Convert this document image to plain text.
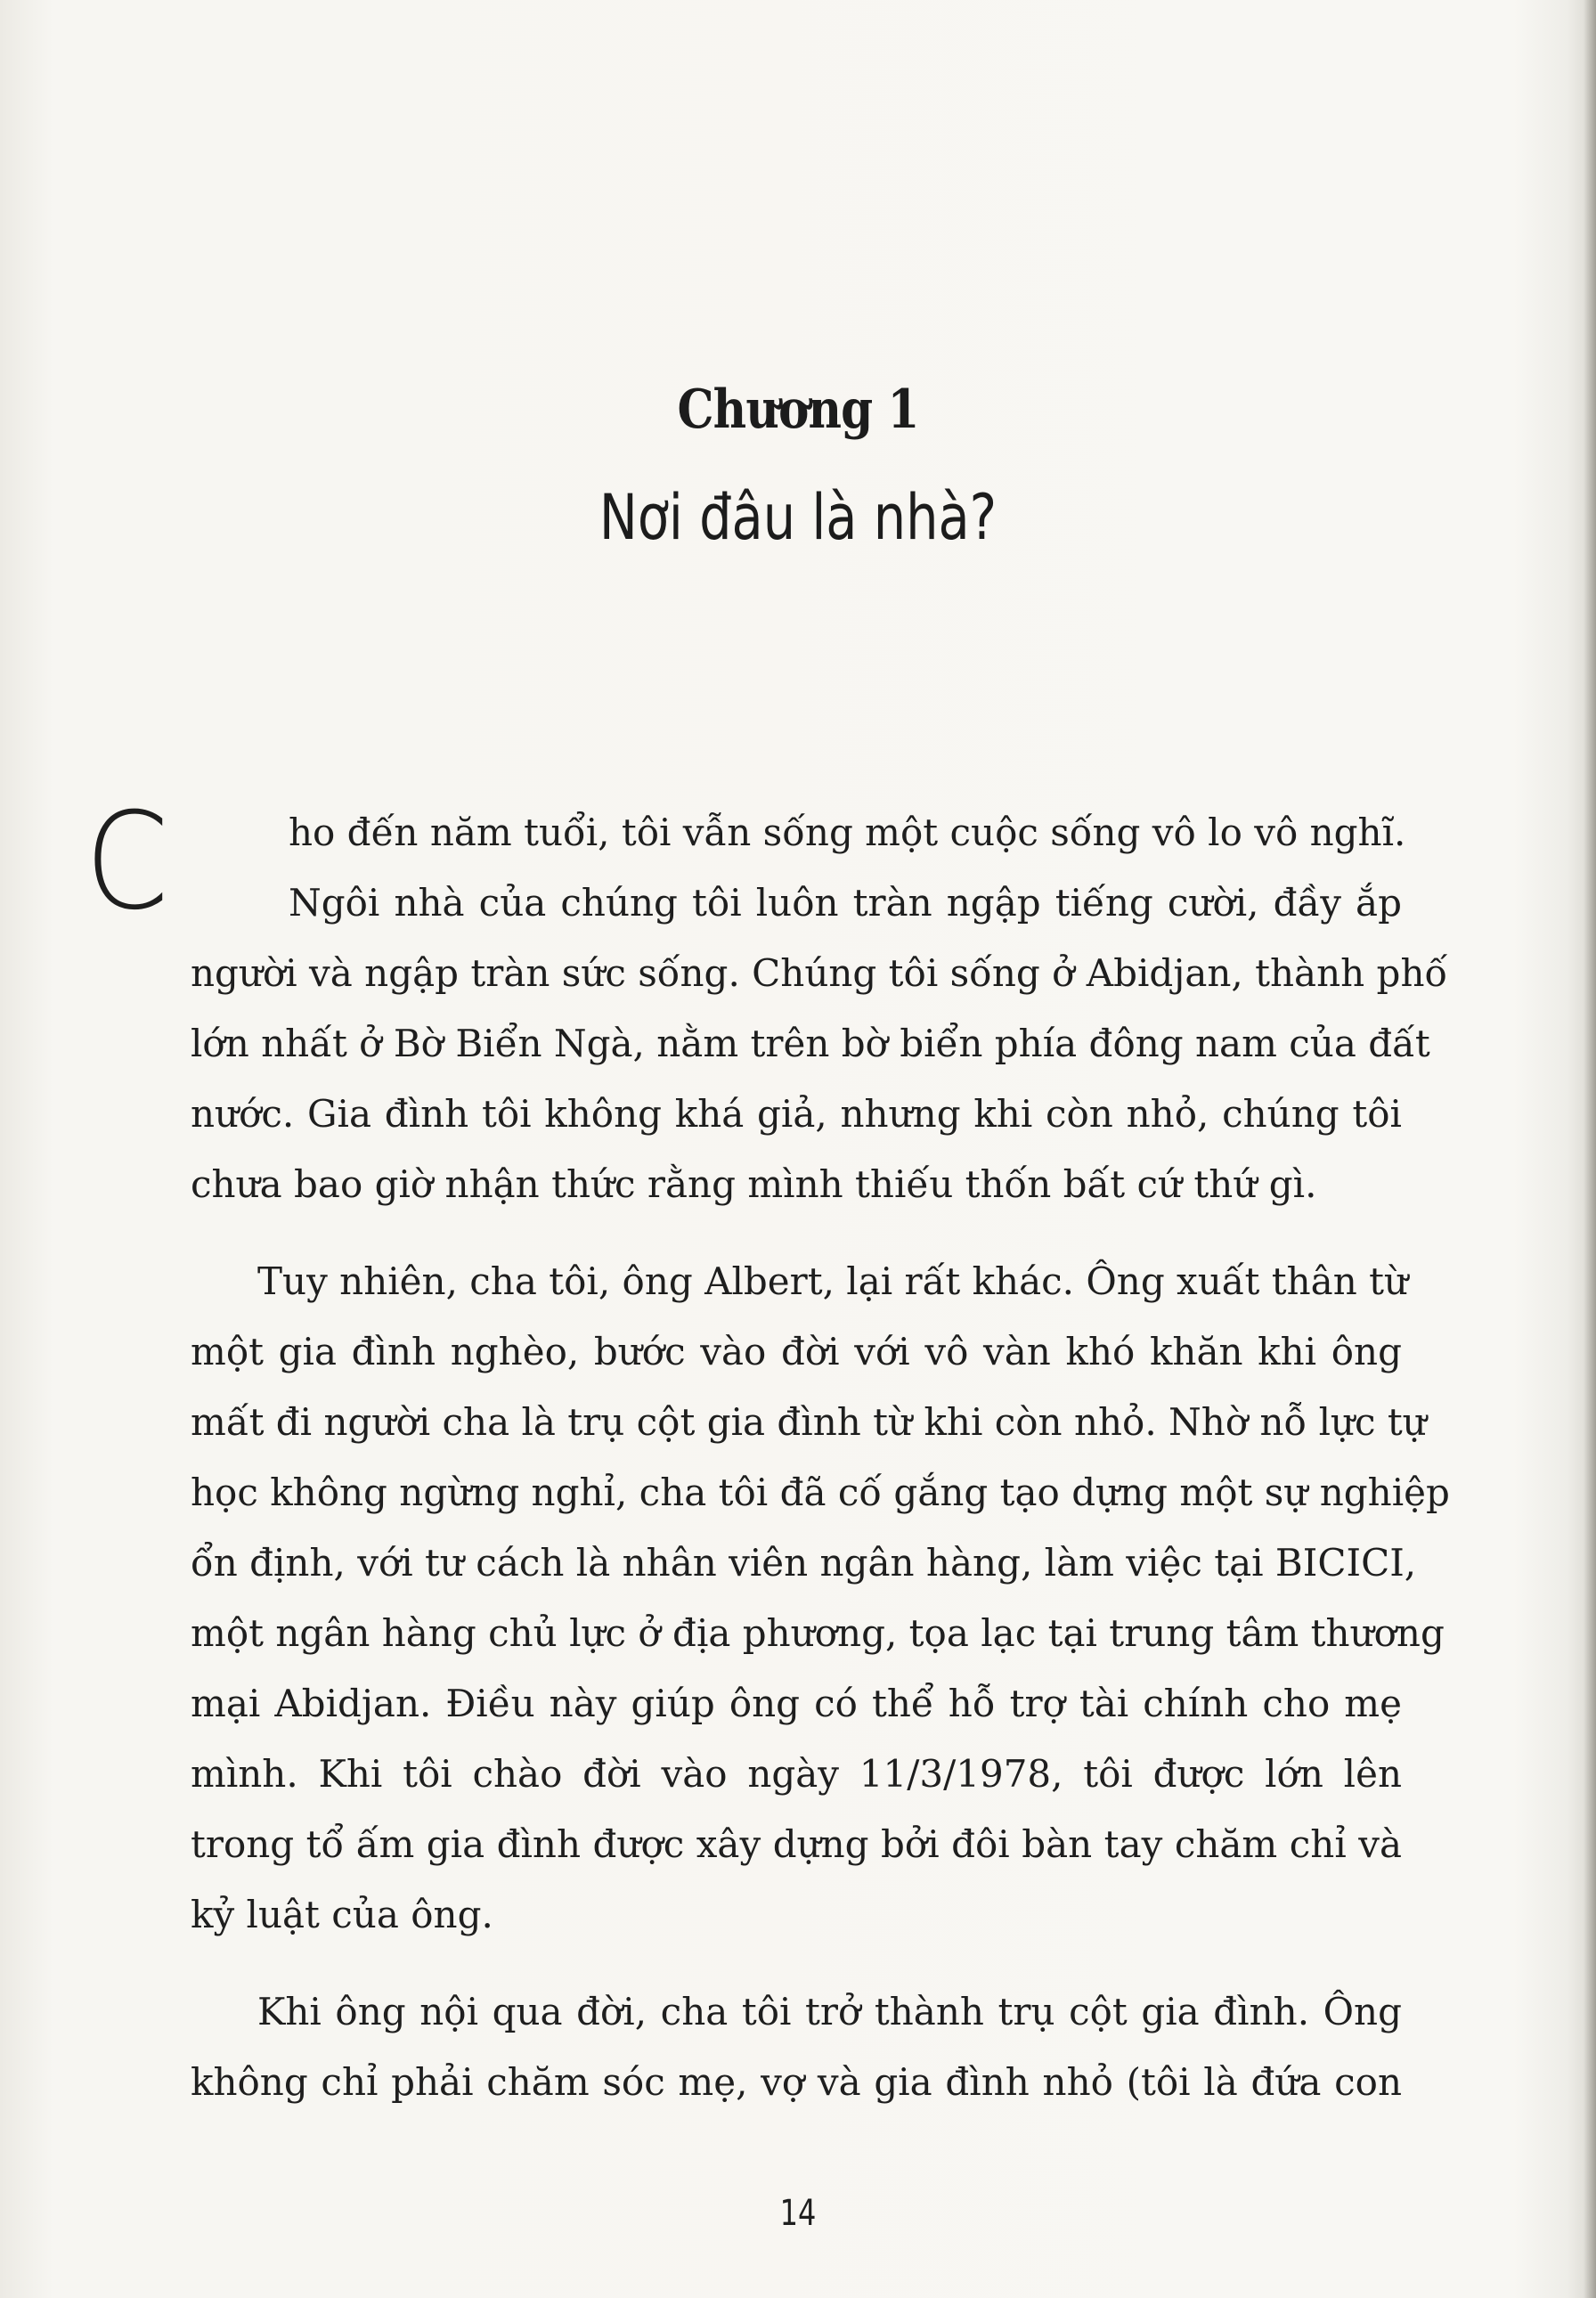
Chương 1
Nơi đâu là nhà?
C	ho đến năm tuổi, tôi vẫn sống một cuộc sống vô lo vô nghĩ.
Ngôi nhà của chúng tôi luôn tràn ngập tiếng cười, đầy ắp
người và ngập tràn sức sống. Chúng tôi sống ở Abidjan, thành phố
lớn nhất ở Bờ Biển Ngà, nằm trên bờ biển phía đông nam của đất
nước. Gia đình tôi không khá giả, nhưng khi còn nhỏ, chúng tôi
chưa bao giờ nhận thức rằng mình thiếu thốn bất cứ thứ gì.
Tuy nhiên, cha tôi, ông Albert, lại rất khác. Ông xuất thân từ
một gia đình nghèo, bước vào đời với vô vàn khó khăn khi ông
mất đi người cha là trụ cột gia đình từ khi còn nhỏ. Nhờ nỗ lực tự
học không ngừng nghỉ, cha tôi đã cố gắng tạo dựng một sự nghiệp
ổn định, với tư cách là nhân viên ngân hàng, làm việc tại BICICI,
một ngân hàng chủ lực ở địa phương, tọa lạc tại trung tâm thương
mại Abidjan. Điều này giúp ông có thể hỗ trợ tài chính cho mẹ
mình. Khi tôi chào đời vào ngày 11/3/1978, tôi được lớn lên
trong tổ ấm gia đình được xây dựng bởi đôi bàn tay chăm chỉ và
kỷ luật của ông.
Khi ông nội qua đời, cha tôi trở thành trụ cột gia đình. Ông
không chỉ phải chăm sóc mẹ, vợ và gia đình nhỏ (tôi là đứa con
14
